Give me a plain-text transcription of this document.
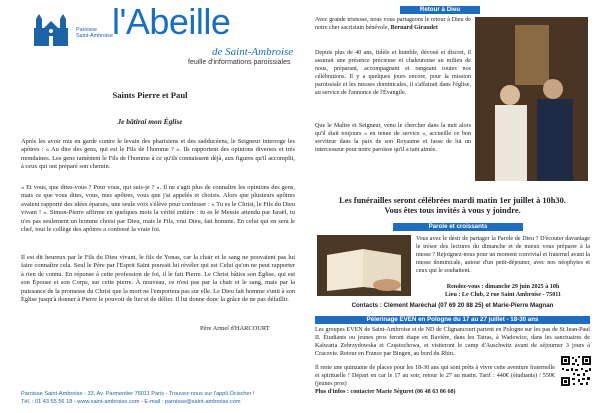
Paroisse
Saint-Ambroise l'Abeille
de Saint-Ambroise
feuille d'informations paroissiales
Saints Pierre et Paul
Je bâtirai mon Église

Après les avoir mis en garde contre le levain des pharisiens et des sadducéens, le Seigneur interroge les apôtres : « Au dire des gens, qui est le Fils de l'homme ? ». Ils rapportent des opinions diverses et très mondaines. Les gens ramènent le Fils de l'homme à ce qu'ils connaissent déjà, aux figures qu'il accomplit, à ceux qui ont préparé son chemin.

« Et vous, que dites-vous ? Pour vous, qui suis-je ? ». Il ne s'agit plus de connaître les opinions des gens, mais ce que vous dites, vous, mes apôtres, vous que j'ai appelés et choisis. Alors que plusieurs apôtres avaient rapporté des idées éparses, une seule voix s'élève pour confesser : « Tu es le Christ, le Fils du Dieu vivant ! ». Simon-Pierre affirme en quelques mots la vérité entière : tu es le Messie attendu par Israël, tu n'es pas seulement un homme choisi par Dieu, mais le Fils, vrai Dieu, fait homme. En celui qui en sera le chef, tout le collège des apôtres a confessé la vraie foi.

Il est dit heureux par le Fils du Dieu vivant, le fils de Yonas, car la chair et le sang ne pouvaient pas lui faire connaître cela. Seul le Père par l'Esprit Saint pouvait lui révéler qui est Celui qu'on ne peut rapporter à rien de connu. En réponse à cette profession de foi, il le fait Pierre. Le Christ bâtira son Église, qui est son Épouse et son Corps, sur cette pierre. À nouveau, ce n'est pas par la chair et le sang, mais par la puissance de la promesse du Christ que la mort ne l'emportera pas sur elle. Le Dieu fait homme s'unit à son Église jusqu'à donner à Pierre le pouvoir de lier et de délier. Il lui donne donc la grâce de ne pas défaillir.

Père Armel d'HARCOURT
Paroisse Saint-Ambroise - 33, Av. Parmentier 75011 Paris - Trouvez-nous sur l'appli Ocischer !
Tél. : 01 43 55 56 18 - www.saint-ambroise.com - E-mail : paroisse@saint-ambroise.com
Retour à Dieu
Avec grande tristesse, nous vous partageons le retour à Dieu de notre cher sacristain bénévole, Bernard Giraudet

Depuis plus de 40 ans, fidèle et humble, dévoué et discret, il assurait une présence précieuse et chaleureuse au milieu de nous, préparant, accompagnant et rangeant toutes nos célébrations. Il y a quelques jours encore, pour la mission paroissiale et les messes dominicales, il s'affairait dans l'église, au service de l'annonce de l'Évangile.

Que le Maître et Seigneur, venu le chercher dans la nuit alors qu'il était toujours « en tenue de service », accueille ce bon serviteur dans la paix de son Royaume et fasse de lui un intercesseur pour notre paroisse qu'il a tant aimée.

Les funérailles seront célébrées mardi matin 1er juillet à 10h30.
Vous êtes tous invités à vous y joindre.
Parole et croissants

Vous avez le désir de partager la Parole de Dieu ? D'écouter davantage le trésor des lectures du dimanche et de mieux vous préparer à la messe ? Rejoignez-nous pour un moment convivial et fraternel avant la messe dominicale, autour d'un petit-déjeuner, avec nos néophytes et ceux qui le souhaitent.

Rendez-vous : dimanche 29 juin 2025 à 10h
Lieu : Le Club, 2 rue Saint Ambroise - 75011
Contacts : Clément Maréchal (07 69 20 88 25) et Marie-Pierre Magnan
Pèlerinage EVEN en Pologne du 17 au 27 juillet - 18-30 ans

Les groupes EVEN de Saint-Ambroise et de ND de Clignancourt partent en Pologne sur les pas de St Jean-Paul II. Étudiants ou jeunes pros feront étape en Bavière, dans les Tatras, à Wadowice, dans les sanctuaires de Kalwaria Zebrzydowska et Częstochowa, et visiteront le camp d'Auschwitz avant de séjourner 3 jours à Cracovie. Retour en France par Bingen, au bord du Rhin.

Il reste une quinzaine de places pour les 18-30 ans qui sont prêts à vivre cette aventure fraternelle et spirituelle ! Départ en car le 17 au soir, retour le 27 au matin. Tarif : 440€ (étudiants) / 550€ (jeunes pros)

Plus d'infos : contacter Marie Séguret (06 48 63 06 68)
